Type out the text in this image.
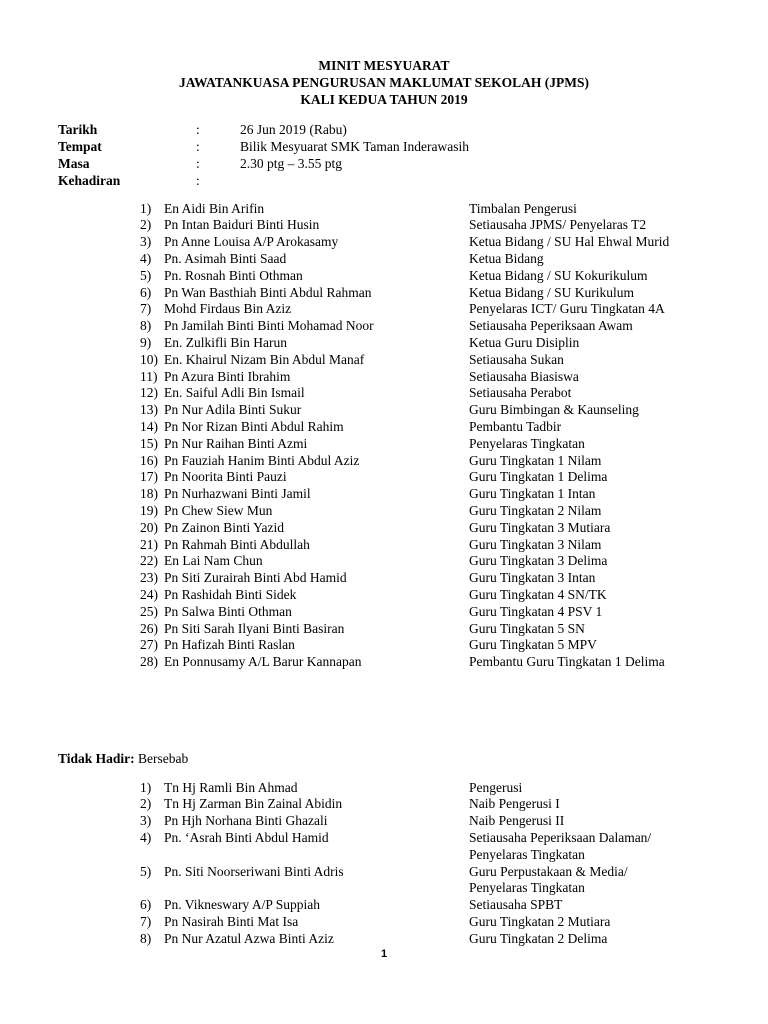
MINIT MESYUARAT
JAWATANKUASA PENGURUSAN MAKLUMAT SEKOLAH (JPMS)
KALI KEDUA TAHUN 2019
Tarikh	:	26 Jun 2019 (Rabu)
Tempat	:	Bilik Mesyuarat SMK Taman Inderawasih
Masa	:	2.30 ptg – 3.55 ptg
Kehadiran	:
1) En Aidi Bin Arifin	Timbalan Pengerusi
2) Pn Intan Baiduri Binti Husin	Setiausaha JPMS/ Penyelaras T2
3) Pn Anne Louisa A/P Arokasamy	Ketua Bidang / SU Hal Ehwal Murid
4) Pn. Asimah Binti Saad	Ketua Bidang
5) Pn. Rosnah Binti Othman	Ketua Bidang / SU Kokurikulum
6) Pn Wan Basthiah Binti Abdul Rahman	Ketua Bidang / SU Kurikulum
7) Mohd Firdaus Bin Aziz	Penyelaras ICT/ Guru Tingkatan 4A
8) Pn Jamilah Binti Binti Mohamad Noor	Setiausaha Peperiksaan Awam
9) En. Zulkifli Bin Harun	Ketua Guru Disiplin
10) En. Khairul Nizam Bin Abdul Manaf	Setiausaha Sukan
11) Pn Azura Binti Ibrahim	Setiausaha Biasiswa
12) En. Saiful Adli Bin Ismail	Setiausaha Perabot
13) Pn Nur Adila Binti Sukur	Guru Bimbingan & Kaunseling
14) Pn Nor Rizan Binti Abdul Rahim	Pembantu Tadbir
15) Pn Nur Raihan Binti Azmi	Penyelaras Tingkatan
16) Pn Fauziah Hanim Binti Abdul Aziz	Guru Tingkatan 1 Nilam
17) Pn Noorita Binti Pauzi	Guru Tingkatan 1 Delima
18) Pn Nurhazwani Binti Jamil	Guru Tingkatan 1 Intan
19) Pn Chew Siew Mun	Guru Tingkatan 2 Nilam
20) Pn Zainon Binti Yazid	Guru Tingkatan 3 Mutiara
21) Pn Rahmah Binti Abdullah	Guru Tingkatan 3 Nilam
22) En Lai Nam Chun	Guru Tingkatan 3 Delima
23) Pn Siti Zurairah Binti Abd Hamid	Guru Tingkatan 3 Intan
24) Pn Rashidah Binti Sidek	Guru Tingkatan 4 SN/TK
25) Pn Salwa Binti Othman	Guru Tingkatan 4 PSV 1
26) Pn Siti Sarah Ilyani Binti Basiran	Guru Tingkatan 5 SN
27) Pn Hafizah Binti Raslan	Guru Tingkatan 5 MPV
28) En Ponnusamy A/L Barur Kannapan	Pembantu Guru Tingkatan 1 Delima
Tidak Hadir: Bersebab
1) Tn Hj Ramli Bin Ahmad	Pengerusi
2) Tn Hj Zarman Bin Zainal Abidin	Naib Pengerusi I
3) Pn Hjh Norhana Binti Ghazali	Naib Pengerusi II
4) Pn. ‘Asrah Binti Abdul Hamid	Setiausaha Peperiksaan Dalaman/
Penyelaras Tingkatan
5) Pn. Siti Noorseriwani Binti Adris	Guru Perpustakaan & Media/
Penyelaras Tingkatan
6) Pn. Vikneswary A/P Suppiah	Setiausaha SPBT
7) Pn Nasirah Binti Mat Isa	Guru Tingkatan 2 Mutiara
8) Pn Nur Azatul Azwa Binti Aziz	Guru Tingkatan 2 Delima
1
